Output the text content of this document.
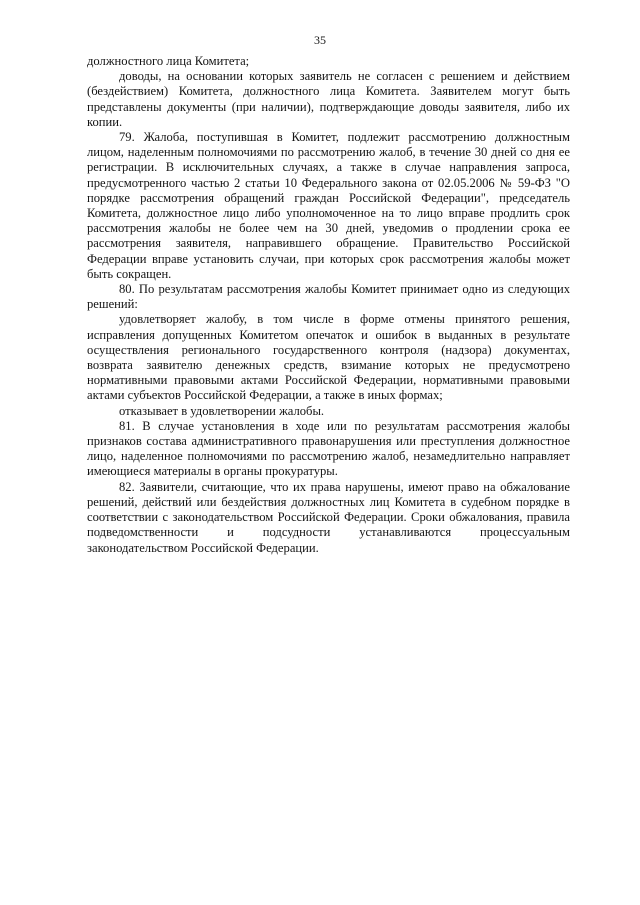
35

должностного лица Комитета;

доводы, на основании которых заявитель не согласен с решением и действием (бездействием) Комитета, должностного лица Комитета. Заявителем могут быть представлены документы (при наличии), подтверждающие доводы заявителя, либо их копии.

79. Жалоба, поступившая в Комитет, подлежит рассмотрению должностным лицом, наделенным полномочиями по рассмотрению жалоб, в течение 30 дней со дня ее регистрации. В исключительных случаях, а также в случае направления запроса, предусмотренного частью 2 статьи 10 Федерального закона от 02.05.2006 № 59-ФЗ "О порядке рассмотрения обращений граждан Российской Федерации", председатель Комитета, должностное лицо либо уполномоченное на то лицо вправе продлить срок рассмотрения жалобы не более чем на 30 дней, уведомив о продлении срока ее рассмотрения заявителя, направившего обращение. Правительство Российской Федерации вправе установить случаи, при которых срок рассмотрения жалобы может быть сокращен.

80. По результатам рассмотрения жалобы Комитет принимает одно из следующих решений:

удовлетворяет жалобу, в том числе в форме отмены принятого решения, исправления допущенных Комитетом опечаток и ошибок в выданных в результате осуществления регионального государственного контроля (надзора) документах, возврата заявителю денежных средств, взимание которых не предусмотрено нормативными правовыми актами Российской Федерации, нормативными правовыми актами субъектов Российской Федерации, а также в иных формах;

отказывает в удовлетворении жалобы.

81. В случае установления в ходе или по результатам рассмотрения жалобы признаков состава административного правонарушения или преступления должностное лицо, наделенное полномочиями по рассмотрению жалоб, незамедлительно направляет имеющиеся материалы в органы прокуратуры.

82. Заявители, считающие, что их права нарушены, имеют право на обжалование решений, действий или бездействия должностных лиц Комитета в судебном порядке в соответствии с законодательством Российской Федерации. Сроки обжалования, правила подведомственности и подсудности устанавливаются процессуальным законодательством Российской Федерации.
